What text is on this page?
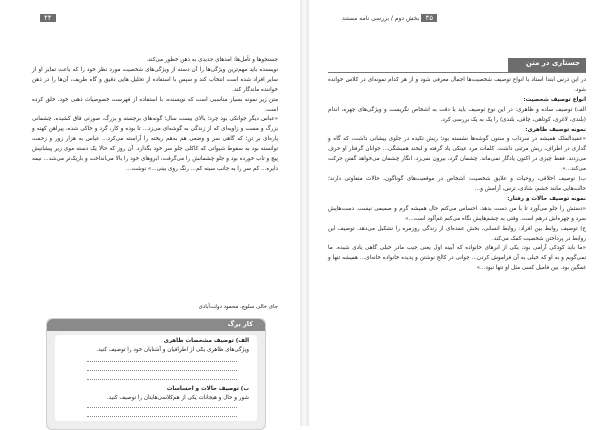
۴۴

جستجو‌ها و تأمل‌ها: امدهای جدیدی به ذهن خطور می‌کند.

نویسنده باید مهم‌ترین ویژگی‌ها را آن دسته از ویژگی‌های شخصیت مورد نظر خود را که باعث تمایز او از سایر افراد شده است انتخاب کند و سپس با استفاده از تحلیل هایی دقیق و گاه ظریف، آن‌ها را در ذهن خواننده ماندگار کند.

متن زیر نمونه بسیار مناسبی است که نویسنده، با استفاده از فهرست خصوصیات ذهنی خود، خلق کرده است.

«عباس دیگر جوانکی بود چرد؛ بالای بیست سال؛ گونه‌های برجسته و بزرگ، صورتی قاق کشیده، چشمانی بزرگ و مست و زاویه‌ای که از زندگی به گوشه‌ای می‌زد... تا بوده و کار، گرد و خاکی شده، پیراهن کهنه و پاره‌ای بر تن؛ که گاهی سر و وضعی هم به‌هم ریخته را آراسته می‌کرد... عباس به هزار زور و زحمت توانسته بود به سقوط شیواتی که کاکلی جلو سر خود بگذارد. آن روز که حالا یک دسته موی زیر پیشانیش پیچ و تاب خورده بود و جلو چشمانش را می‌گرفت، ابروهای خود را بالا می‌انداخت و باریک‌تر می‌شد... نیمه دایره... کم سر را به جانب سینه کم... رنگ روی بینی...» نوشت...

جای خالی سلوچ، محمود دولت‌آبادی
کار برگ
الف) توصیف مشخصات ظاهری
ویژگی‌های ظاهری یکی از اطرافیان و آشنایان خود را توصیف کنید.
ب) توصیف حالات و احساسات
شور و حال و هیجانات یکی از هم‌کلاسی‌هایتان را توصیف کنید.
۴۵ بخش دوم / بررسی نامه مستند
جستاری در متن

در این درس ابتدا استاد با انواع توصیف شخصیت‌ها اجمال معرفی شود و از هر کدام نمونه‌ای در کلاس خوانده شود.

انواع توصیف شخصیت:

الف) توصیف ساده و ظاهری: در این نوع توصیف باید با دقت به اشخاص نگریست و ویژگی‌های چهره، اندام (بلندی، لاغری، کوتاهی، چاقی، بلندی) را یک به یک بررسی کرد.

نمونه توصیف ظاهری:

«عمیدالملک همیشه در سرداب و ستون گوشه‌ها نشسته بود؛ ریش تکیده در جلوی پیشانی داشت، که گاه و گداری در اطراف، ریش مرتبی داشت. کلمات مرد عینکی یاد گرفته و لبخند همیشگی... جوانان گرفتار او حرف می‌زدند. فقط چیزی در اکنون یادگار نمی‌ماند. چشمان گرد، بیرون نمی‌زد. انگار چشمان می‌خواهد گفتن حرکت می‌کند...»

ب) توصیف اخلاقی، روحیات و علایق شخصیت: اشخاص در موقعیت‌های گوناگون، حالات متفاوتی دارند؛ حالت‌هایی مانند خشم، شادی، ترس، آرامش و...

نمونه توصیف حالات و رفتار:

«دستش را جلو می‌آورد تا با من دست بدهد. احساس می‌کنم حال همیشه گرم و صمیمی نیست. دست‌هایش سرد و چهره‌اش درهم است. وقتی به چشم‌هایش نگاه می‌کنم غم‌آلود است...»

ج) توصیف روابط بین افراد: روابط انسانی، بخش عمده‌ای از زندگی روزمره را تشکیل می‌دهد. توصیف این روابط در پرداختن شخصیت کمک می‌کند.

«ما باید کودکی آرامی بود، یکی از ابرهای خانواده که آیینه اول یعنی جیب مادر خیلی گاهی یادی شیده. ما نمی‌گویم و به او که خیلی به آن فراموش کردن... جوانی در کالج نوشتن و پدیده خانواده خانه‌ای... همیشه تنها و غمگین بود. بین فامیل کسی مثل او تنها نبود...»
